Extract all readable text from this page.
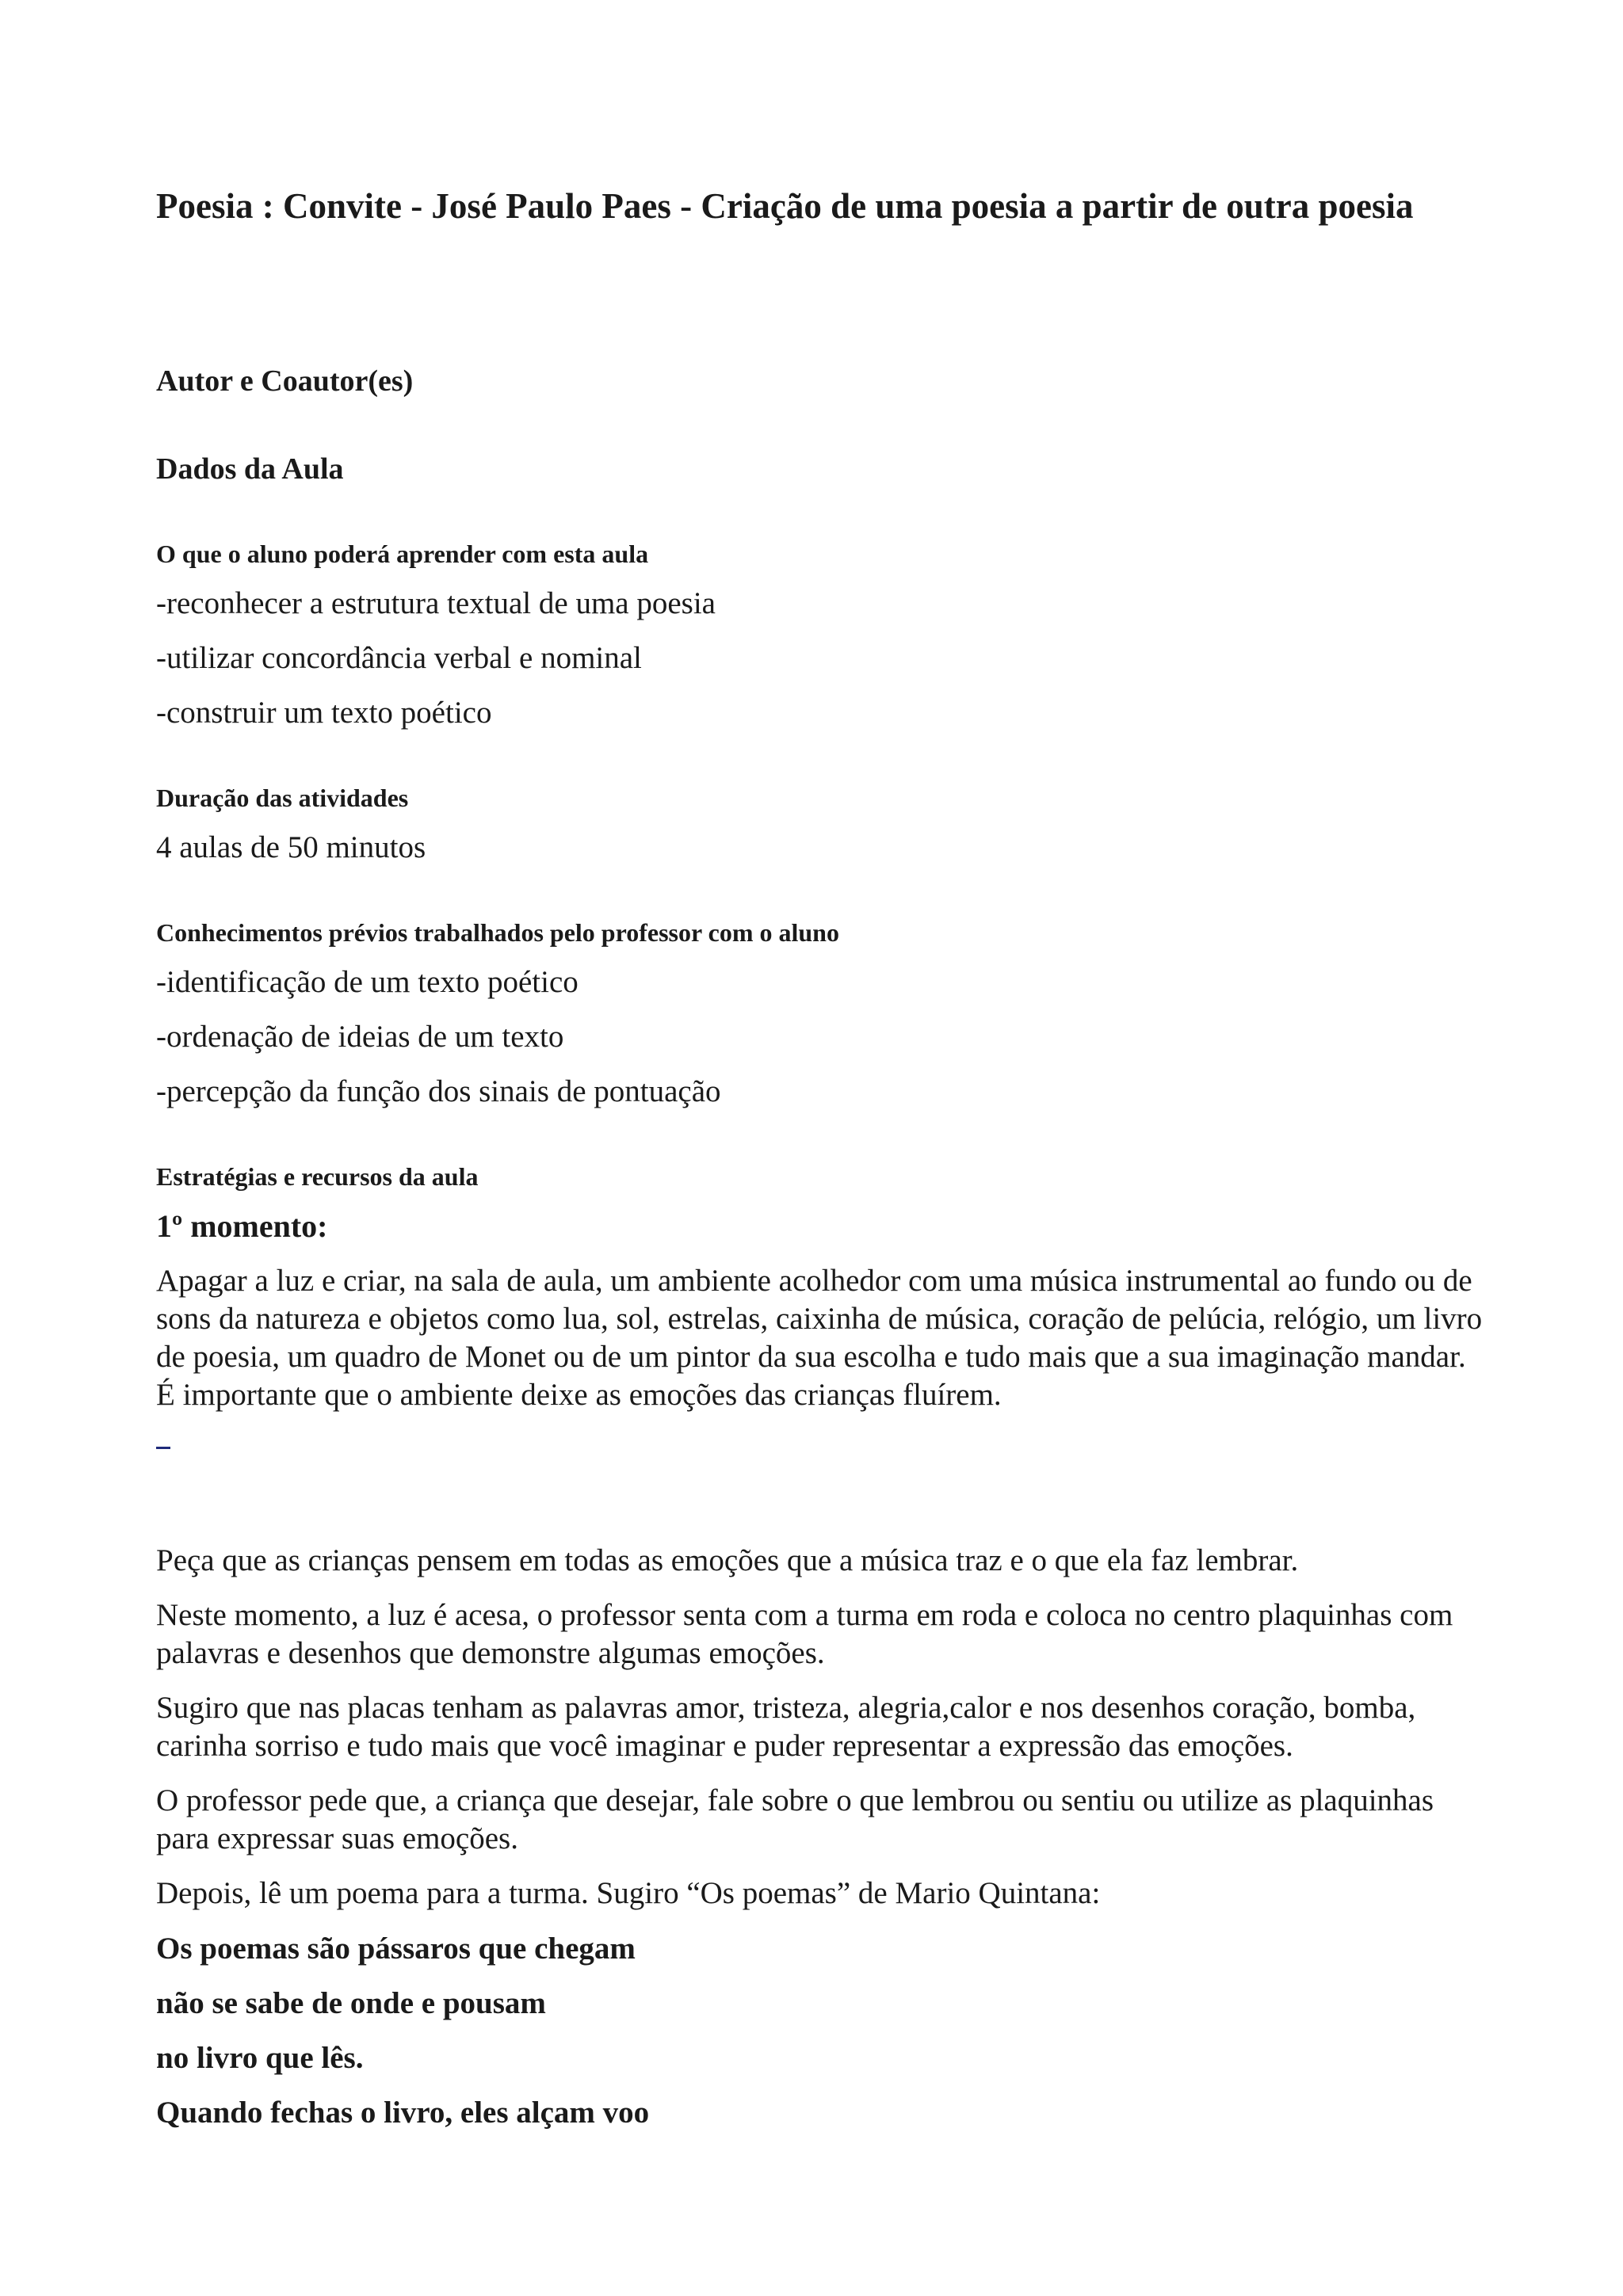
Poesia : Convite - José Paulo Paes - Criação de uma poesia a partir de outra poesia
Autor e Coautor(es)
Dados da Aula
O que o aluno poderá aprender com esta aula

-reconhecer a estrutura textual de uma poesia

-utilizar concordância verbal e nominal

-construir um texto poético

Duração das atividades

4 aulas de 50 minutos

Conhecimentos prévios trabalhados pelo professor com o aluno

-identificação de um texto poético

-ordenação de ideias de um texto

-percepção da função dos sinais de pontuação

Estratégias e recursos da aula

1º momento:

Apagar a luz e criar, na sala de aula, um ambiente acolhedor com uma música instrumental ao fundo ou de sons da natureza e objetos como lua, sol, estrelas, caixinha de música, coração de pelúcia, relógio, um livro de poesia, um quadro de Monet ou de um pintor da sua escolha e tudo mais que a sua imaginação mandar. É importante que o ambiente deixe as emoções das crianças fluírem.

Peça que as crianças pensem em todas as emoções que a música traz e o que ela faz lembrar.

Neste momento, a luz é acesa, o professor senta com a turma em roda e coloca no centro plaquinhas com palavras e desenhos que demonstre algumas emoções.

Sugiro que nas placas tenham as palavras amor, tristeza, alegria,calor e nos desenhos coração, bomba, carinha sorriso e tudo mais que você imaginar e puder representar a expressão das emoções.

O professor pede que, a criança que desejar, fale sobre o que lembrou ou sentiu ou utilize as plaquinhas para expressar suas emoções.

Depois, lê um poema para a turma. Sugiro “Os poemas” de Mario Quintana:

Os poemas são pássaros que chegam

não se sabe de onde e pousam

no livro que lês.

Quando fechas o livro, eles alçam voo
